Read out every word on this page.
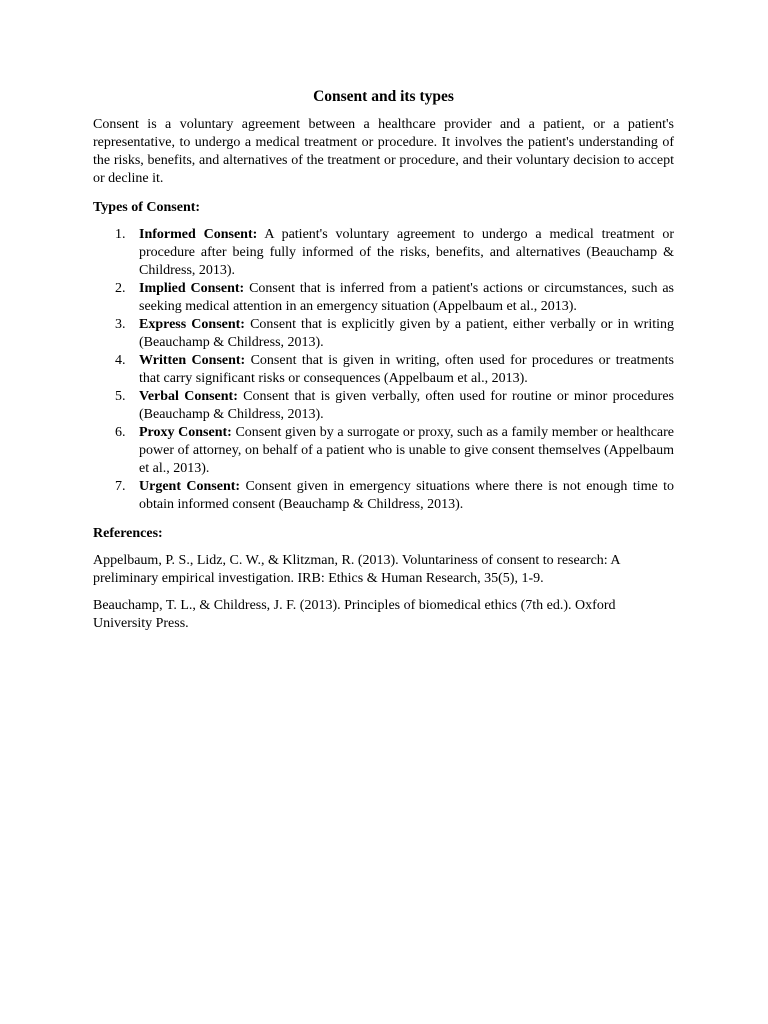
Consent and its types

Consent is a voluntary agreement between a healthcare provider and a patient, or a patient's representative, to undergo a medical treatment or procedure. It involves the patient's understanding of the risks, benefits, and alternatives of the treatment or procedure, and their voluntary decision to accept or decline it.

Types of Consent:
1. Informed Consent: A patient's voluntary agreement to undergo a medical treatment or procedure after being fully informed of the risks, benefits, and alternatives (Beauchamp & Childress, 2013).
2. Implied Consent: Consent that is inferred from a patient's actions or circumstances, such as seeking medical attention in an emergency situation (Appelbaum et al., 2013).
3. Express Consent: Consent that is explicitly given by a patient, either verbally or in writing (Beauchamp & Childress, 2013).
4. Written Consent: Consent that is given in writing, often used for procedures or treatments that carry significant risks or consequences (Appelbaum et al., 2013).
5. Verbal Consent: Consent that is given verbally, often used for routine or minor procedures (Beauchamp & Childress, 2013).
6. Proxy Consent: Consent given by a surrogate or proxy, such as a family member or healthcare power of attorney, on behalf of a patient who is unable to give consent themselves (Appelbaum et al., 2013).
7. Urgent Consent: Consent given in emergency situations where there is not enough time to obtain informed consent (Beauchamp & Childress, 2013).
References:

Appelbaum, P. S., Lidz, C. W., & Klitzman, R. (2013). Voluntariness of consent to research: A preliminary empirical investigation. IRB: Ethics & Human Research, 35(5), 1-9.

Beauchamp, T. L., & Childress, J. F. (2013). Principles of biomedical ethics (7th ed.). Oxford University Press.
